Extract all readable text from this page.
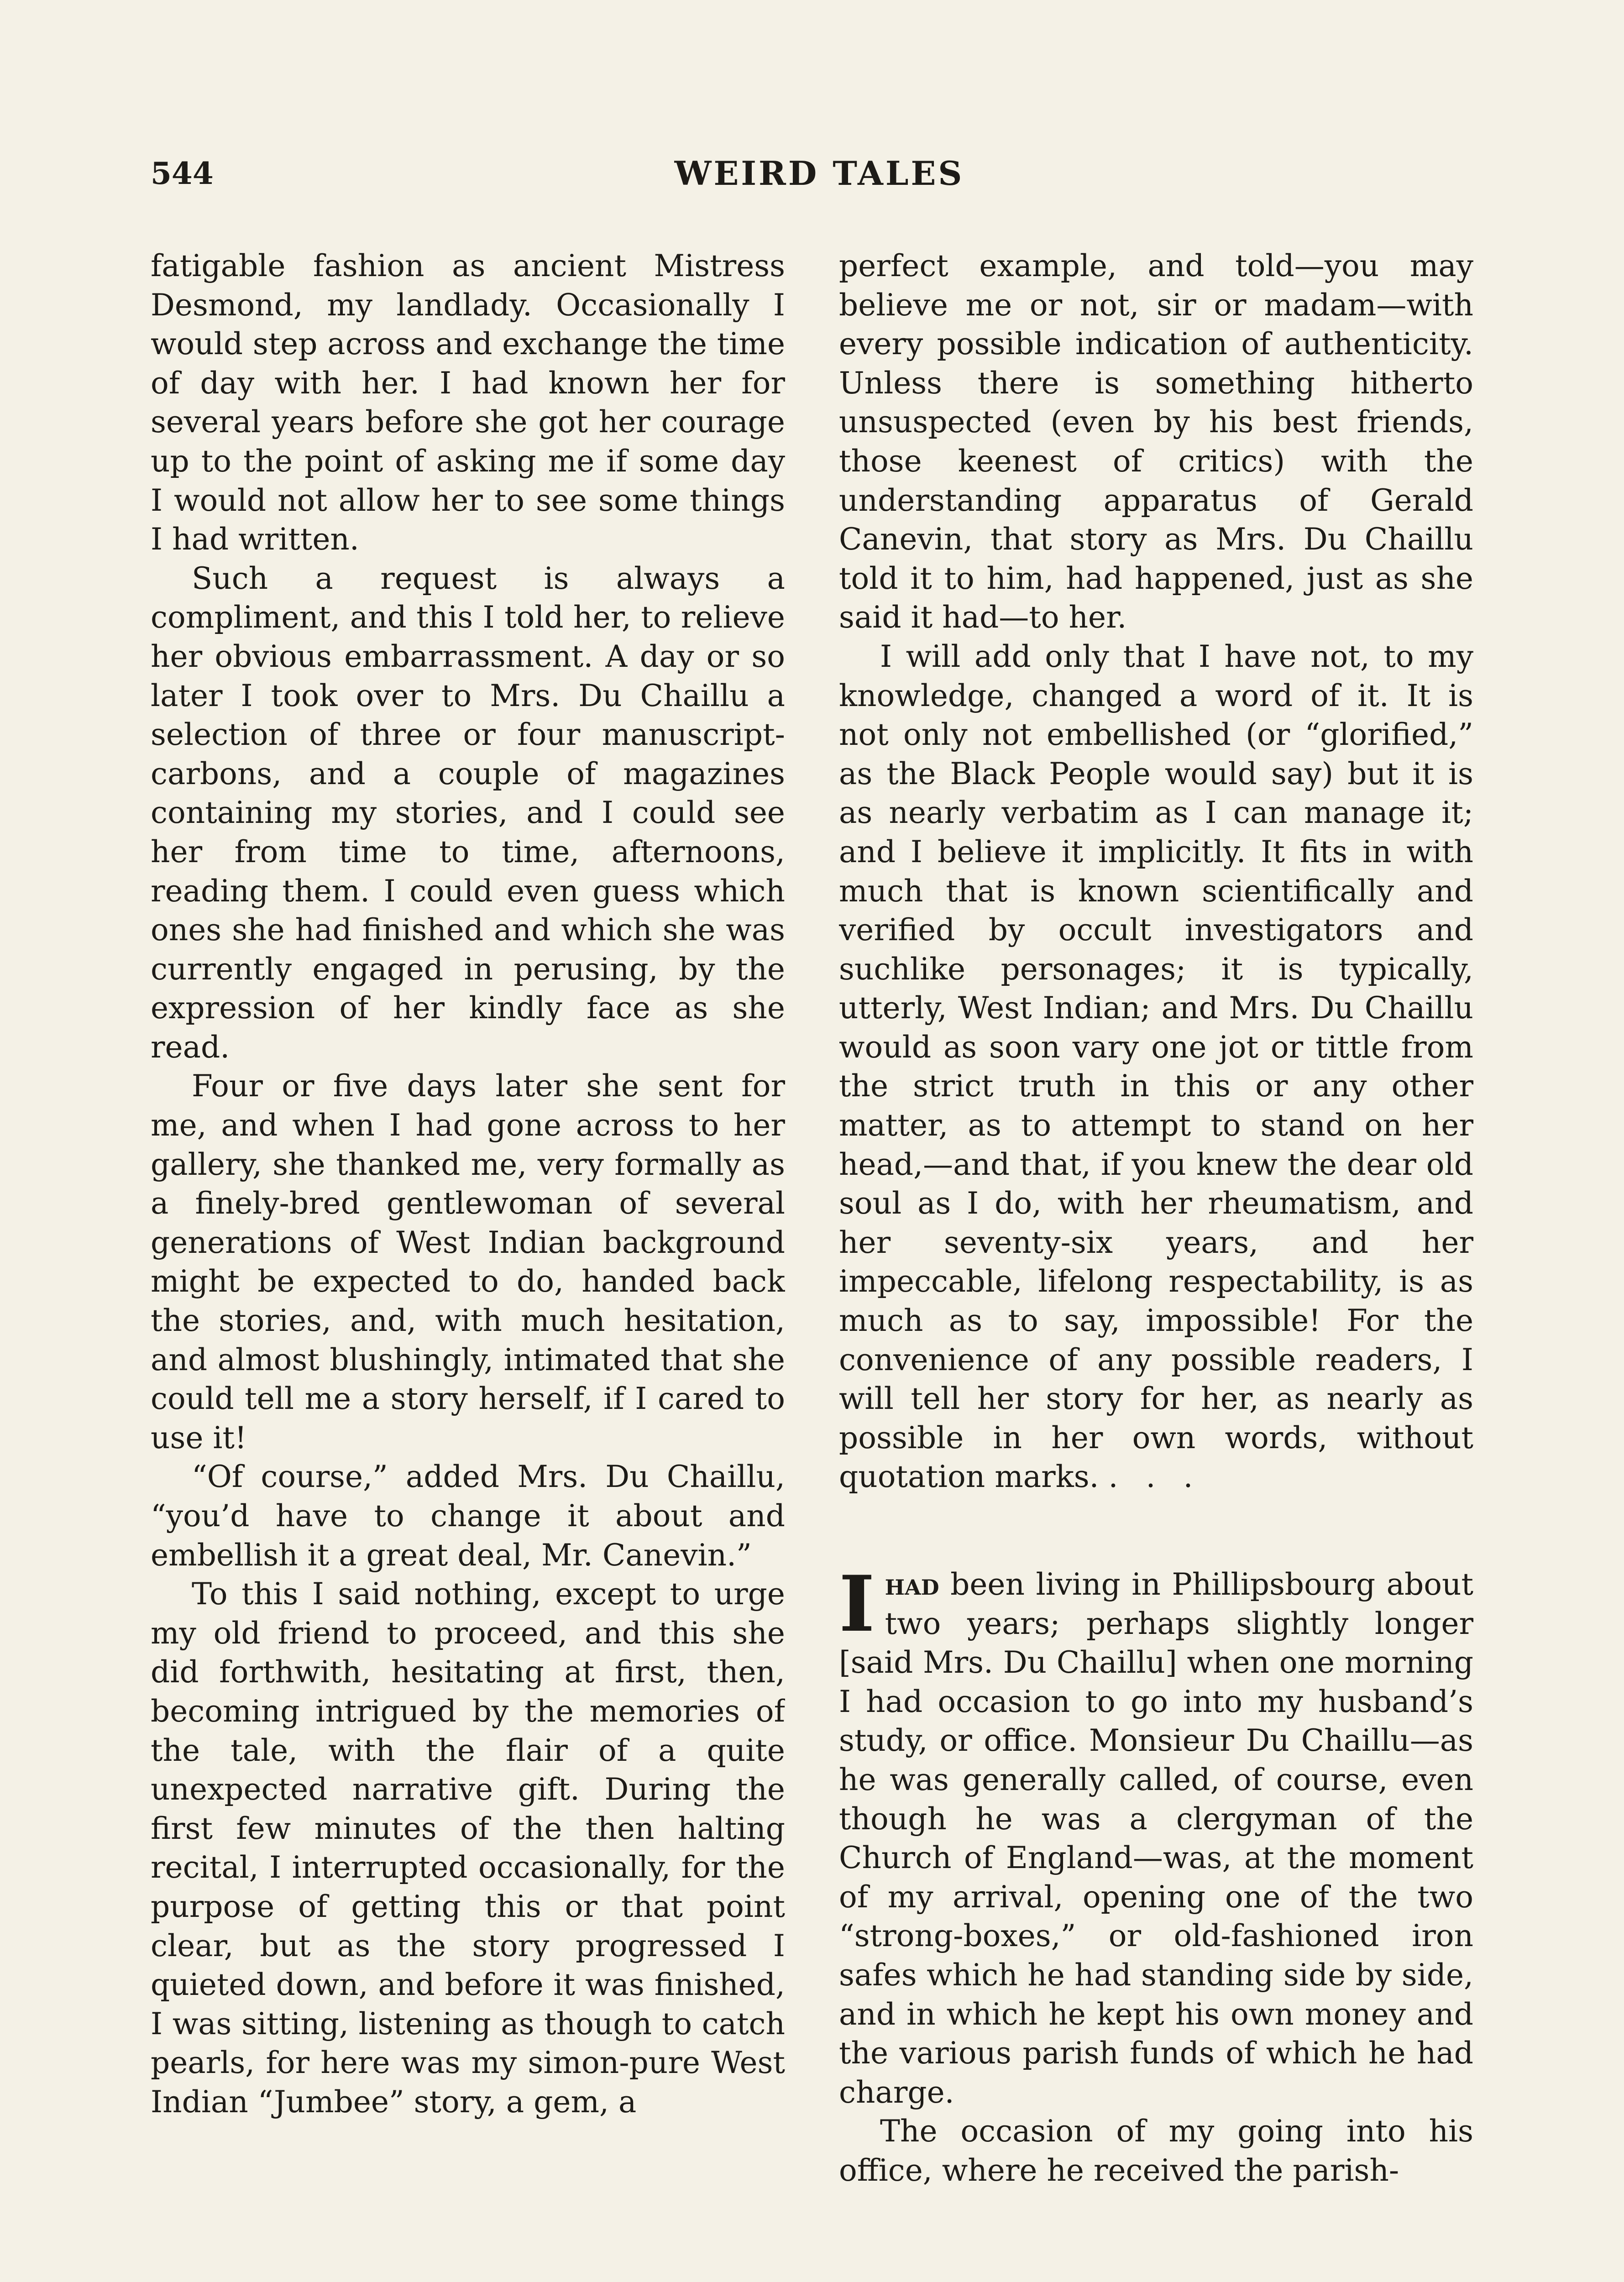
544	WEIRD TALES

fatigable fashion as ancient Mistress Desmond, my landlady. Occasionally I would step across and exchange the time of day with her. I had known her for several years before she got her courage up to the point of asking me if some day I would not allow her to see some things I had written.

Such a request is always a compliment, and this I told her, to relieve her obvious embarrassment. A day or so later I took over to Mrs. Du Chaillu a selection of three or four manuscript-carbons, and a couple of magazines containing my stories, and I could see her from time to time, afternoons, reading them. I could even guess which ones she had finished and which she was currently engaged in perusing, by the expression of her kindly face as she read.

Four or five days later she sent for me, and when I had gone across to her gallery, she thanked me, very formally as a finely-bred gentlewoman of several generations of West Indian background might be expected to do, handed back the stories, and, with much hesitation, and almost blushingly, intimated that she could tell me a story herself, if I cared to use it!

“Of course,” added Mrs. Du Chaillu, “you’d have to change it about and embellish it a great deal, Mr. Canevin.”

To this I said nothing, except to urge my old friend to proceed, and this she did forthwith, hesitating at first, then, becoming intrigued by the memories of the tale, with the flair of a quite unexpected narrative gift. During the first few minutes of the then halting recital, I interrupted occasionally, for the purpose of getting this or that point clear, but as the story progressed I quieted down, and before it was finished, I was sitting, listening as though to catch pearls, for here was my simon-pure West Indian “Jumbee” story, a gem, a

perfect example, and told—you may believe me or not, sir or madam—with every possible indication of authenticity. Unless there is something hitherto unsuspected (even by his best friends, those keenest of critics) with the understanding apparatus of Gerald Canevin, that story as Mrs. Du Chaillu told it to him, had happened, just as she said it had—to her.

I will add only that I have not, to my knowledge, changed a word of it. It is not only not embellished (or “glorified,” as the Black People would say) but it is as nearly verbatim as I can manage it; and I believe it implicitly. It fits in with much that is known scientifically and verified by occult investigators and suchlike personages; it is typically, utterly, West Indian; and Mrs. Du Chaillu would as soon vary one jot or tittle from the strict truth in this or any other matter, as to attempt to stand on her head,—and that, if you knew the dear old soul as I do, with her rheumatism, and her seventy-six years, and her impeccable, lifelong respectability, is as much as to say, impossible! For the convenience of any possible readers, I will tell her story for her, as nearly as possible in her own words, without quotation marks. . . .

Ihad been living in Phillipsbourg about two years; perhaps slightly longer [said Mrs. Du Chaillu] when one morning I had occasion to go into my husband’s study, or office. Monsieur Du Chaillu—as he was generally called, of course, even though he was a clergyman of the Church of England—was, at the moment of my arrival, opening one of the two “strong-boxes,” or old-fashioned iron safes which he had standing side by side, and in which he kept his own money and the various parish funds of which he had charge.

The occasion of my going into his office, where he received the parish-
